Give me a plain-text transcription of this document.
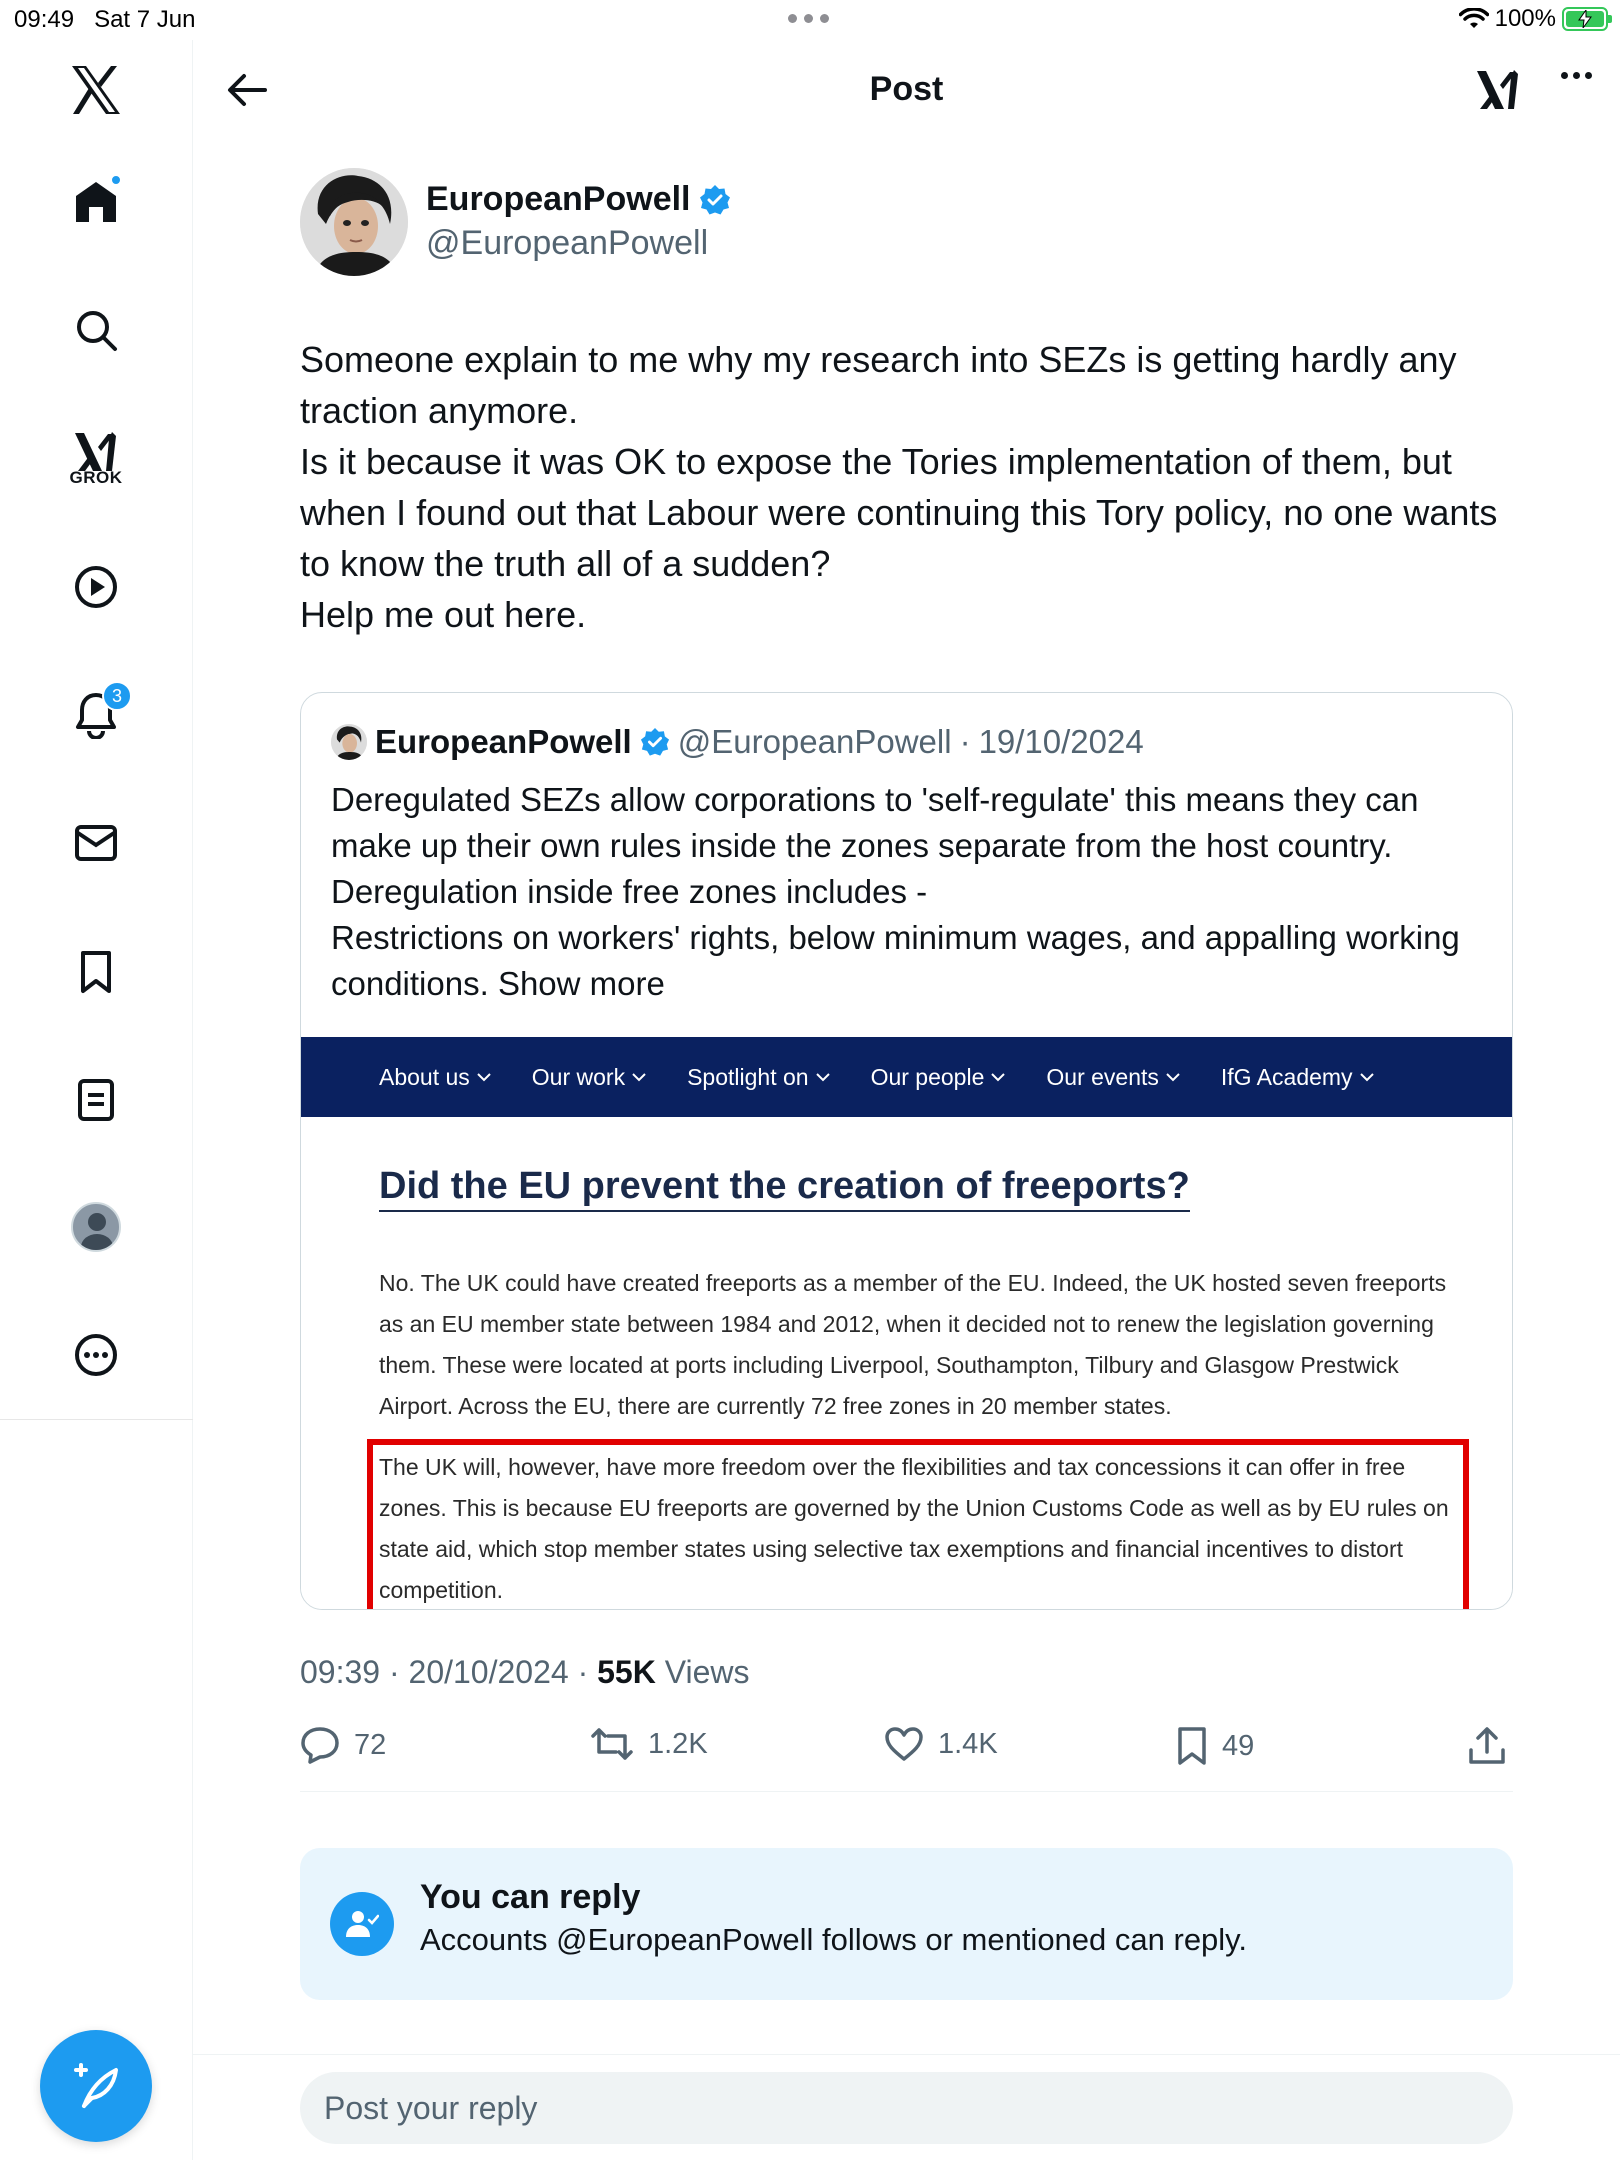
09:49 Sat 7 Jun	100%
GROK
3
Post
EuropeanPowell
@EuropeanPowell

Someone explain to me why my research into SEZs is getting hardly any traction anymore.

Is it because it was OK to expose the Tories implementation of them, but when I found out that Labour were continuing this Tory policy, no one wants to know the truth all of a sudden?

Help me out here.

EuropeanPowell @EuropeanPowell · 19/10/2024

Deregulated SEZs allow corporations to 'self-regulate' this means they can make up their own rules inside the zones separate from the host country.

Deregulation inside free zones includes -

Restrictions on workers' rights, below minimum wages, and appalling working conditions. Show more

About us	Our work	Spotlight on	Our people	Our events	IfG Academy
Did the EU prevent the creation of freeports?
No. The UK could have created freeports as a member of the EU. Indeed, the UK hosted seven freeports as an EU member state between 1984 and 2012, when it decided not to renew the legislation governing them. These were located at ports including Liverpool, Southampton, Tilbury and Glasgow Prestwick Airport. Across the EU, there are currently 72 free zones in 20 member states.
The UK will, however, have more freedom over the flexibilities and tax concessions it can offer in free zones. This is because EU freeports are governed by the Union Customs Code as well as by EU rules on state aid, which stop member states using selective tax exemptions and financial incentives to distort competition.
09:39 · 20/10/2024 · 55K Views
72	1.2K	1.4K	49
You can reply
Accounts @EuropeanPowell follows or mentioned can reply.
Post your reply
